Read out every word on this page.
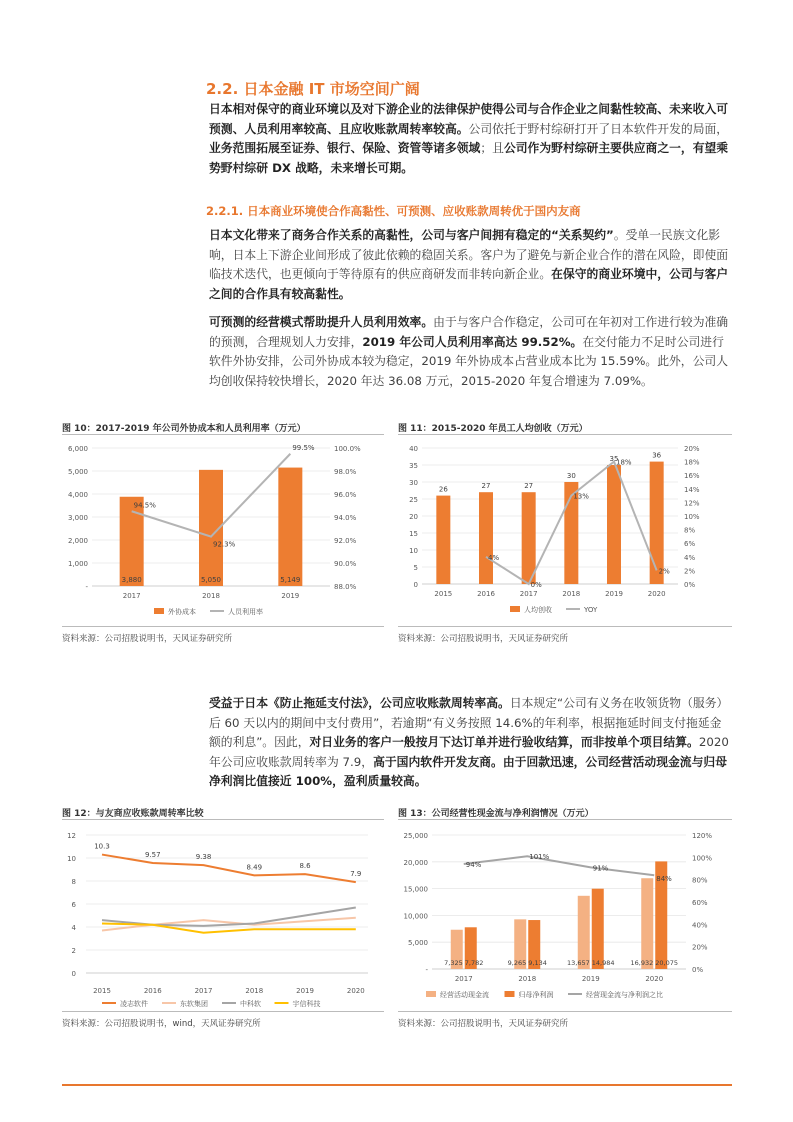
2.2. 日本金融 IT 市场空间广阔

日本相对保守的商业环境以及对下游企业的法律保护使得公司与合作企业之间黏性较高、未来收入可预测、人员利用率较高、且应收账款周转率较高。公司依托于野村综研打开了日本软件开发的局面，业务范围拓展至证券、银行、保险、资管等诸多领域；且公司作为野村综研主要供应商之一，有望乘势野村综研 DX 战略，未来增长可期。

2.2.1. 日本商业环境使合作高黏性、可预测、应收账款周转优于国内友商

日本文化带来了商务合作关系的高黏性，公司与客户间拥有稳定的“关系契约”。受单一民族文化影响，日本上下游企业间形成了彼此依赖的稳固关系。客户为了避免与新企业合作的潜在风险，即使面临技术迭代，也更倾向于等待原有的供应商研发而非转向新企业。在保守的商业环境中，公司与客户之间的合作具有较高黏性。

可预测的经营模式帮助提升人员利用效率。由于与客户合作稳定，公司可在年初对工作进行较为准确的预测，合理规划人力安排，2019 年公司人员利用率高达 99.52%。在交付能力不足时公司进行软件外协安排，公司外协成本较为稳定，2019 年外协成本占营业成本比为 15.59%。此外，公司人均创收保持较快增长，2020 年达 36.08 万元，2015-2020 年复合增速为 7.09%。

图 10：2017-2019 年公司外协成本和人员利用率（万元）
-
1,000
2,000
3,000
4,000
5,000
6,000
88.0%
90.0%
92.0%
94.0%
96.0%
98.0%
100.0%
3,880
2017
5,050
2018
5,149
2019
94.5%
92.3%
99.5%
外协成本	人员利用率
资料来源：公司招股说明书，天风证券研究所
图 11：2015-2020 年员工人均创收（万元）
0
5
10
15
20
25
30
35
40
0%
2%
4%
6%
8%
10%
12%
14%
16%
18%
20%
26
2015
27
2016
27
2017
30
2018
35
2019
36
2020
4%
0%
13%
18%
2%
人均创收	YOY
资料来源：公司招股说明书，天风证券研究所

受益于日本《防止拖延支付法》，公司应收账款周转率高。日本规定“公司有义务在收领货物（服务）后 60 天以内的期间中支付费用”，若逾期“有义务按照 14.6%的年利率，根据拖延时间支付拖延金额的利息”。因此，对日业务的客户一般按月下达订单并进行验收结算，而非按单个项目结算。2020 年公司应收账款周转率为 7.9，高于国内软件开发友商。由于回款迅速，公司经营活动现金流与归母净利润比值接近 100%，盈利质量较高。

图 12：与友商应收账款周转率比较
0
2
4
6
8
10
12
2015	2016	2017	2018	2019	2020
10.3
9.57	9.38
8.49	8.6
7.9
凌志软件	东软集团	中科软	宇信科技
资料来源：公司招股说明书，wind，天风证券研究所
图 13：公司经营性现金流与净利润情况（万元）
-
5,000
10,000
15,000
20,000
25,000
0%
20%
40%
60%
80%
100%
120%
7,325 7,782
2017
9,265 9,134
2018
13,657 14,984
2019
16,932 20,075
2020
94%
101%
91%
84%
经营活动现金流	归母净利润	经营现金流与净利润之比
资料来源：公司招股说明书，天风证券研究所
